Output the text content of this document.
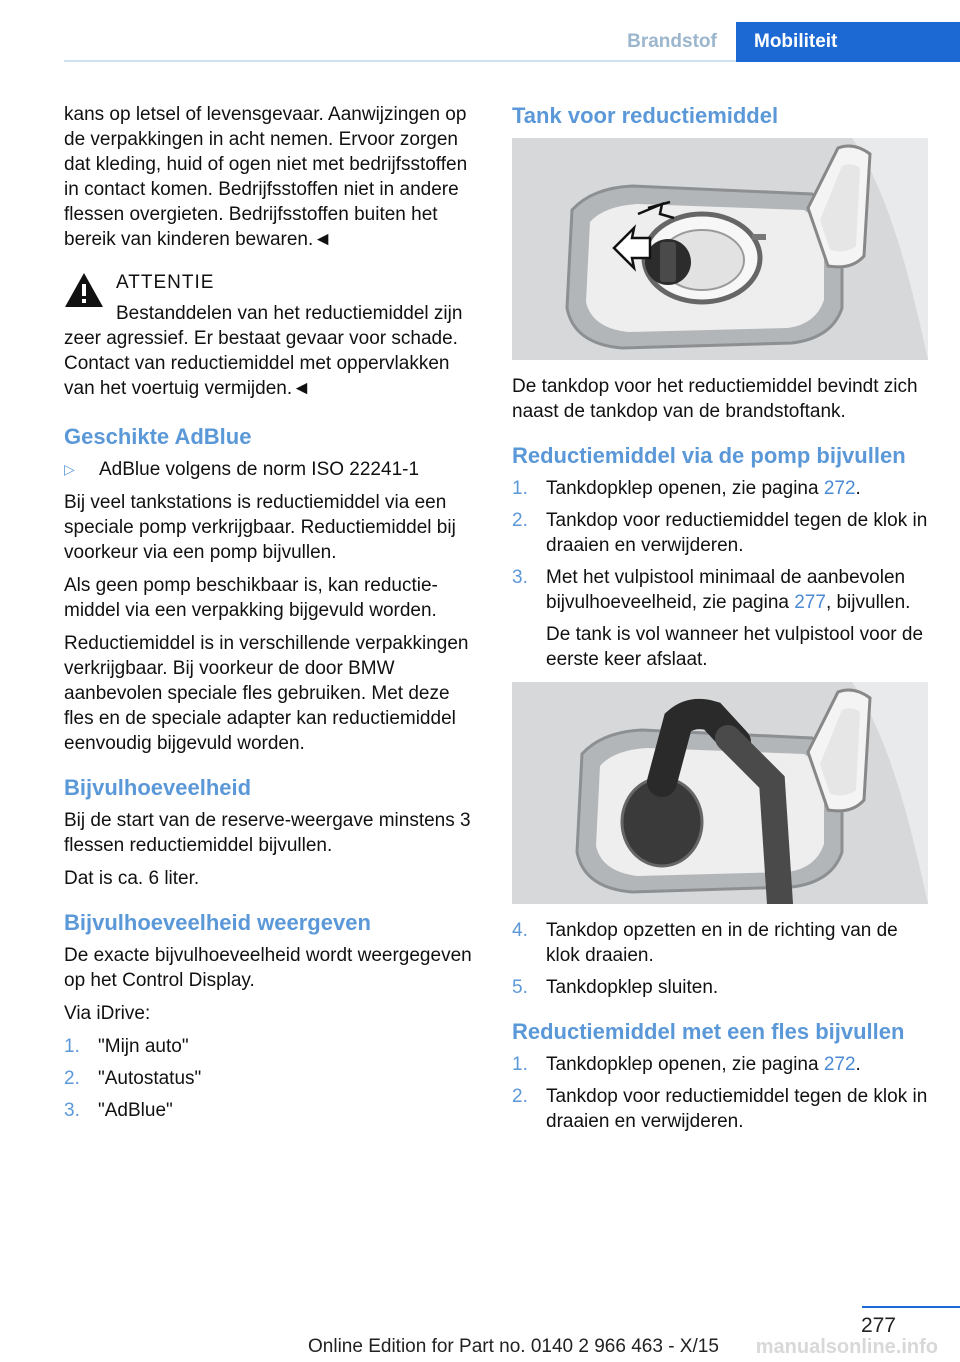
Brandstof	Mobiliteit

kans op letsel of levensgevaar. Aanwijzingen op de verpakkingen in acht nemen. Ervoor zorgen dat kleding, huid of ogen niet met bedrijfsstoffen in contact komen. Bedrijfsstoffen niet in andere flessen overgieten. Bedrijfsstoffen buiten het bereik van kinderen bewaren.◄

ATTENTIE
Bestanddelen van het reductiemiddel zijn zeer agressief. Er bestaat gevaar voor schade. Contact van reductiemiddel met oppervlakken van het voertuig vermijden.◄
Geschikte AdBlue
▷ AdBlue volgens de norm ISO 22241-1

Bij veel tankstations is reductiemiddel via een speciale pomp verkrijgbaar. Reductiemiddel bij voorkeur via een pomp bijvullen.

Als geen pomp beschikbaar is, kan reductiemiddel via een verpakking bijgevuld worden.

Reductiemiddel is in verschillende verpakkingen verkrijgbaar. Bij voorkeur de door BMW aanbevolen speciale fles gebruiken. Met deze fles en de speciale adapter kan reductiemiddel eenvoudig bijgevuld worden.

Bijvulhoeveelheid

Bij de start van de reserve-weergave minstens 3 flessen reductiemiddel bijvullen.

Dat is ca. 6 liter.

Bijvulhoeveelheid weergeven

De exacte bijvulhoeveelheid wordt weergegeven op het Control Display.

Via iDrive:

1. "Mijn auto"
2. "Autostatus"
3. "AdBlue"
Tank voor reductiemiddel

De tankdop voor het reductiemiddel bevindt zich naast de tankdop van de brandstoftank.

Reductiemiddel via de pomp bijvullen
1. Tankdopklep openen, zie pagina 272.
2. Tankdop voor reductiemiddel tegen de klok in draaien en verwijderen.
3. Met het vulpistool minimaal de aanbevolen bijvulhoeveelheid, zie pagina 277, bijvullen.
De tank is vol wanneer het vulpistool voor de eerste keer afslaat.
4. Tankdop opzetten en in de richting van de klok draaien.
5. Tankdopklep sluiten.
Reductiemiddel met een fles bijvullen
1. Tankdopklep openen, zie pagina 272.
2. Tankdop voor reductiemiddel tegen de klok in draaien en verwijderen.
277
Online Edition for Part no. 0140 2 966 463 - X/15 manualsonline.info
